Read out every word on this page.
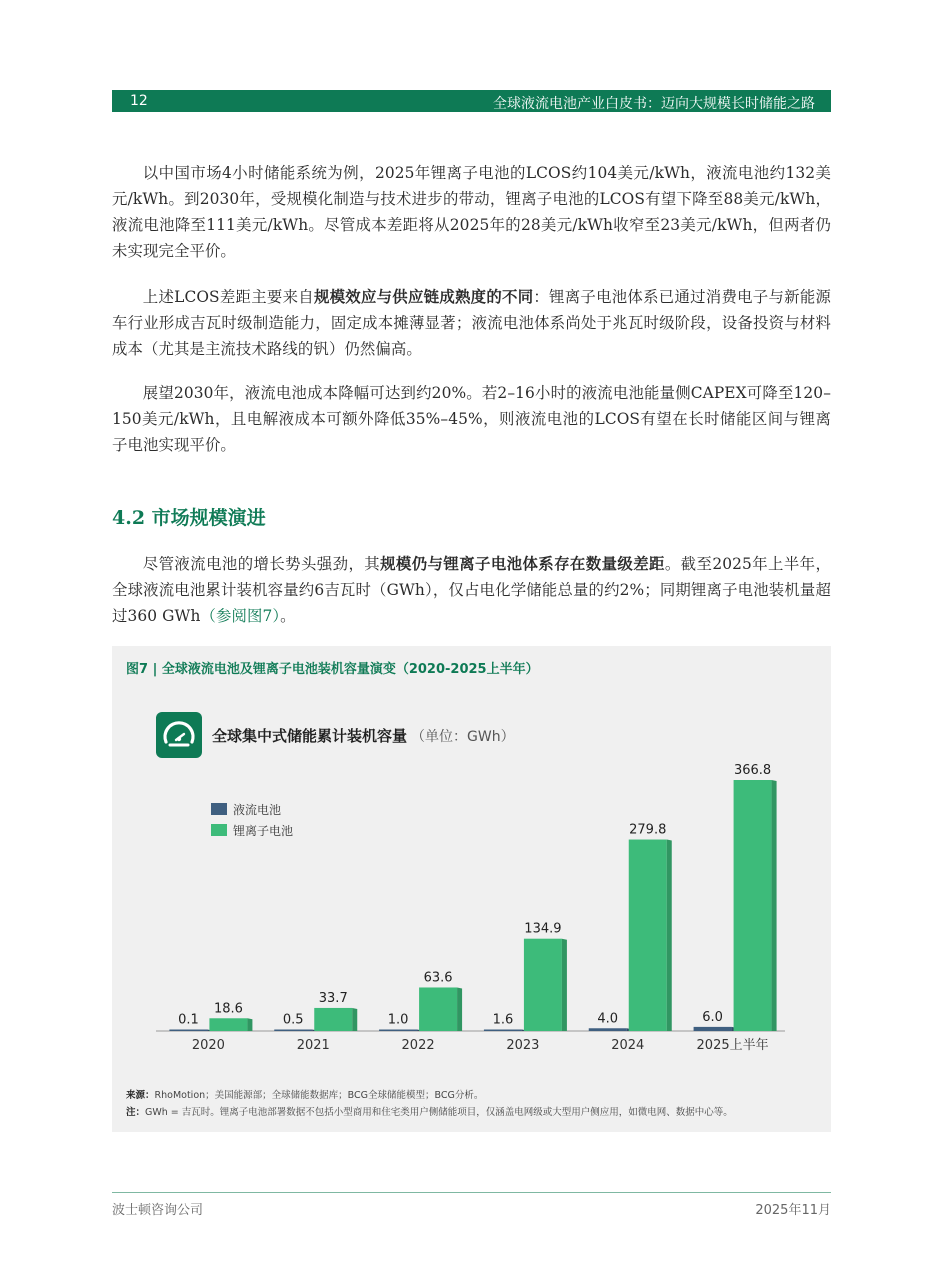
12	全球液流电池产业白皮书：迈向大规模长时储能之路

以中国市场4小时储能系统为例，2025年锂离子电池的LCOS约104美元/kWh，液流电池约132美元/kWh。到2030年，受规模化制造与技术进步的带动，锂离子电池的LCOS有望下降至88美元/kWh，液流电池降至111美元/kWh。尽管成本差距将从2025年的28美元/kWh收窄至23美元/kWh，但两者仍未实现完全平价。

上述LCOS差距主要来自规模效应与供应链成熟度的不同：锂离子电池体系已通过消费电子与新能源车行业形成吉瓦时级制造能力，固定成本摊薄显著；液流电池体系尚处于兆瓦时级阶段，设备投资与材料成本（尤其是主流技术路线的钒）仍然偏高。

展望2030年，液流电池成本降幅可达到约20%。若2–16小时的液流电池能量侧CAPEX可降至120–150美元/kWh，且电解液成本可额外降低35%–45%，则液流电池的LCOS有望在长时储能区间与锂离子电池实现平价。

4.2 市场规模演进

尽管液流电池的增长势头强劲，其规模仍与锂离子电池体系存在数量级差距。截至2025年上半年，全球液流电池累计装机容量约6吉瓦时（GWh），仅占电化学储能总量的约2%；同期锂离子电池装机量超过360 GWh（参阅图7）。

图7 | 全球液流电池及锂离子电池装机容量演变（2020-2025上半年）
全球集中式储能累计装机容量 （单位：GWh）
0.1
18.6
2020
0.5
33.7
2021
1.0
63.6
2022
1.6
134.9
2023
4.0
279.8
2024
6.0
366.8
2025上半年
液流电池
锂离子电池
来源：RhoMotion；美国能源部；全球储能数据库；BCG全球储能模型；BCG分析。
注：GWh = 吉瓦时。锂离子电池部署数据不包括小型商用和住宅类用户侧储能项目，仅涵盖电网级或大型用户侧应用，如微电网、数据中心等。
波士顿咨询公司	2025年11月
